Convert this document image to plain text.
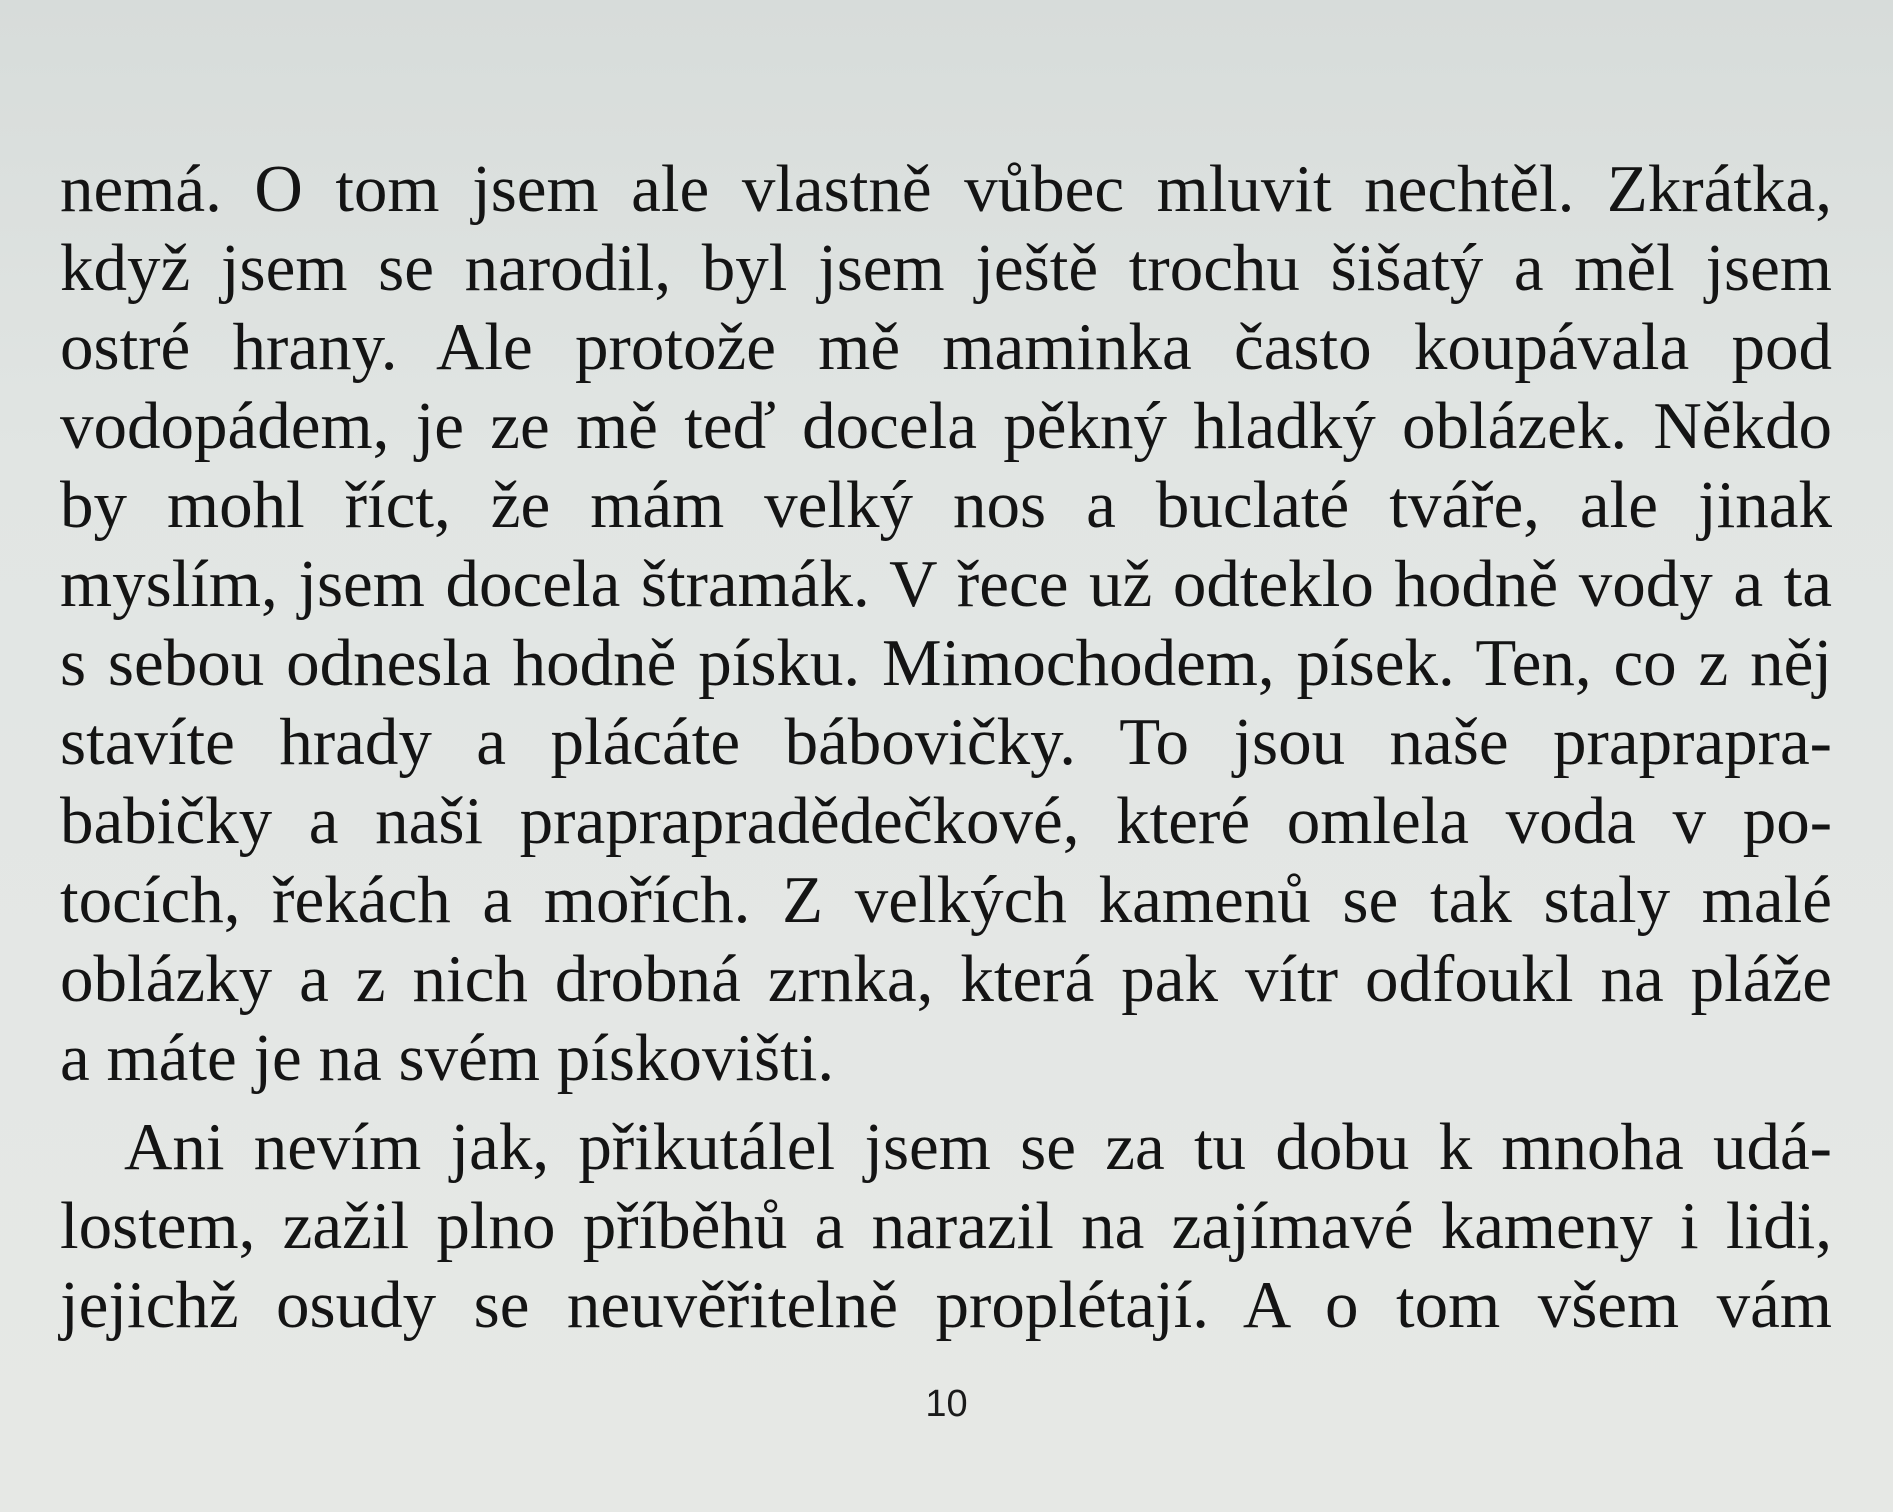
nemá. O tom jsem ale vlastně vůbec mluvit nechtěl. Zkrátka,
když jsem se narodil, byl jsem ještě trochu šišatý a měl jsem
ostré hrany. Ale protože mě maminka často koupávala pod
vodopádem, je ze mě teď docela pěkný hladký oblázek. Někdo
by mohl říct, že mám velký nos a buclaté tváře, ale jinak
myslím, jsem docela štramák. V řece už odteklo hodně vody a ta
s sebou odnesla hodně písku. Mimochodem, písek. Ten, co z něj
stavíte hrady a plácáte bábovičky. To jsou naše praprapra-
babičky a naši praprapradědečkové, které omlela voda v po-
tocích, řekách a mořích. Z velkých kamenů se tak staly malé
oblázky a z nich drobná zrnka, která pak vítr odfoukl na pláže
a máte je na svém pískovišti.
Ani nevím jak, přikutálel jsem se za tu dobu k mnoha udá-
lostem, zažil plno příběhů a narazil na zajímavé kameny i lidi,
jejichž osudy se neuvěřitelně proplétají. A o tom všem vám
10
